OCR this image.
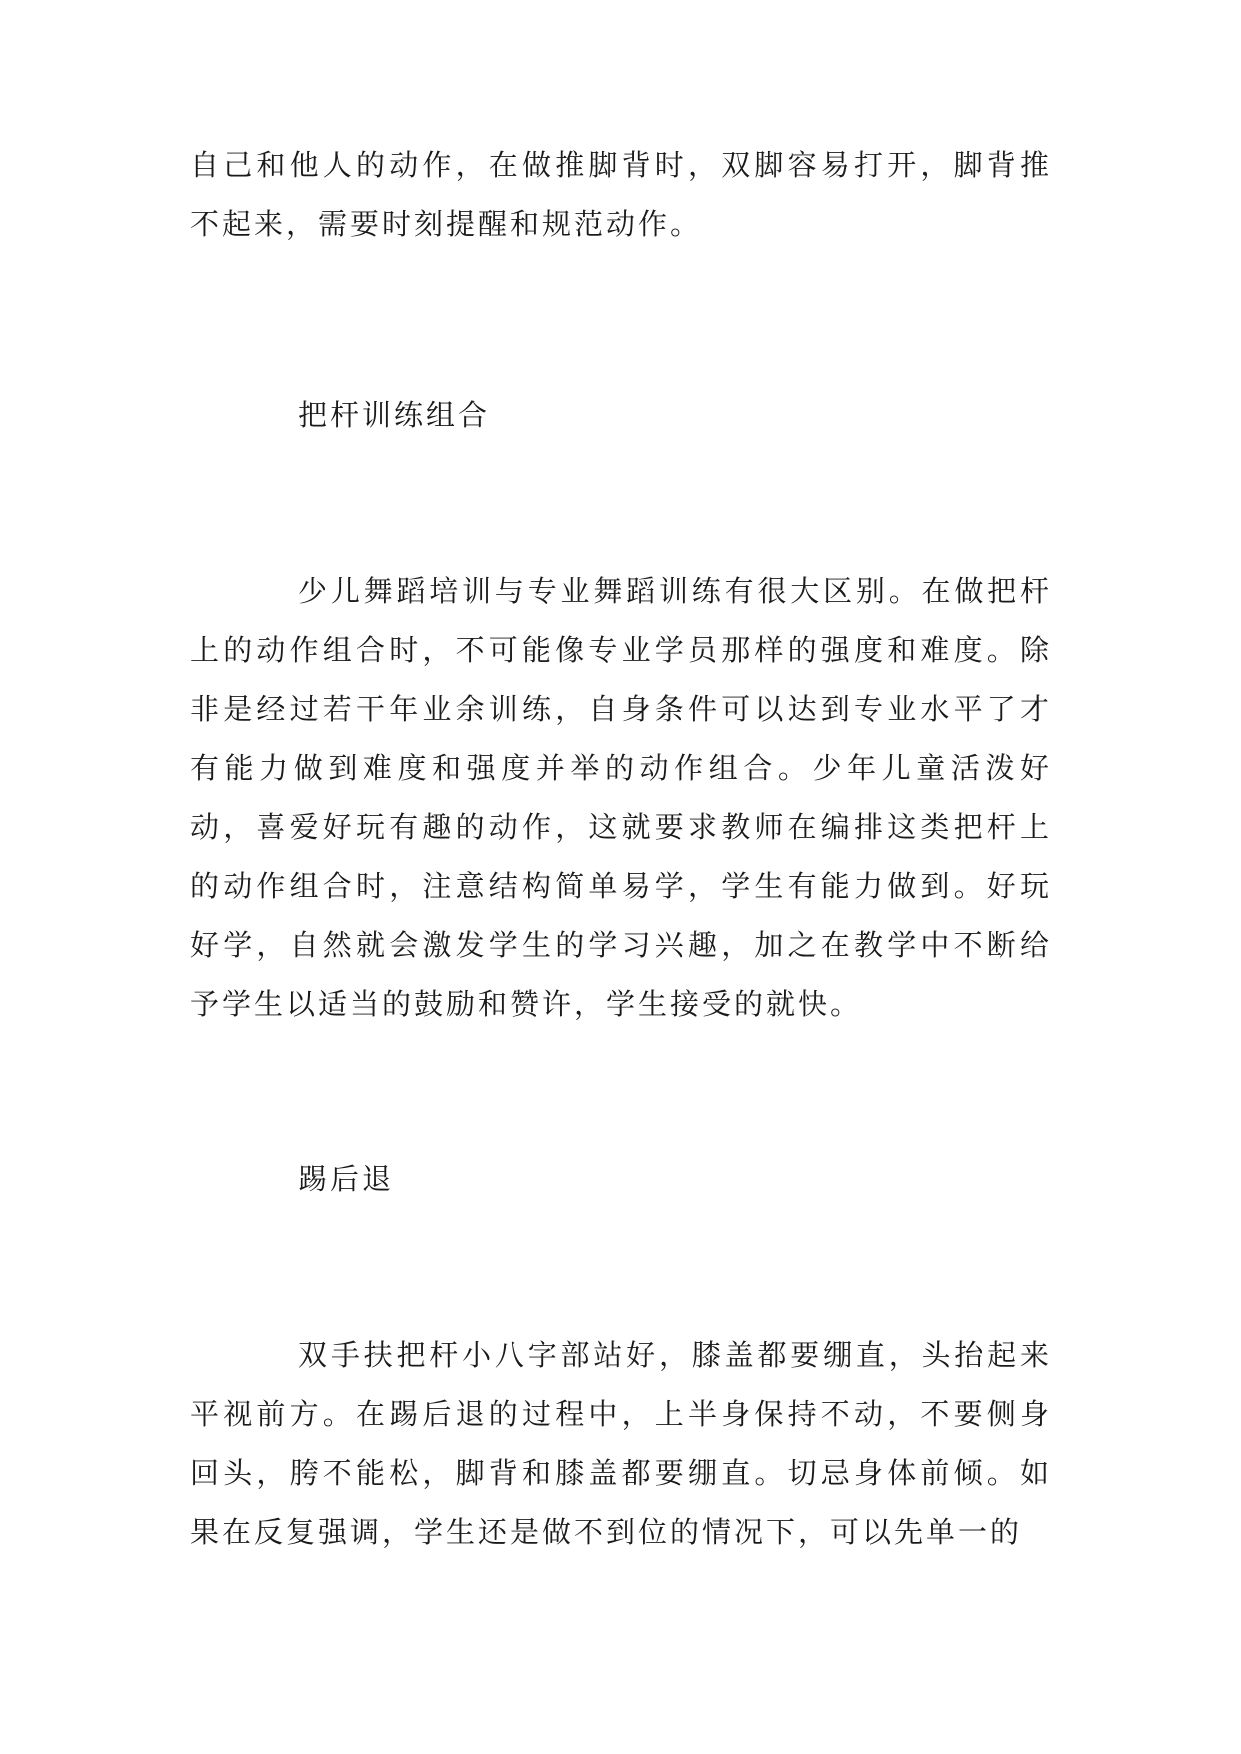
自己和他人的动作，在做推脚背时，双脚容易打开，脚背推不起来，需要时刻提醒和规范动作。

把杆训练组合

少儿舞蹈培训与专业舞蹈训练有很大区别。在做把杆上的动作组合时，不可能像专业学员那样的强度和难度。除非是经过若干年业余训练，自身条件可以达到专业水平了才有能力做到难度和强度并举的动作组合。少年儿童活泼好动，喜爱好玩有趣的动作，这就要求教师在编排这类把杆上的动作组合时，注意结构简单易学，学生有能力做到。好玩好学，自然就会激发学生的学习兴趣，加之在教学中不断给予学生以适当的鼓励和赞许，学生接受的就快。

踢后退

双手扶把杆小八字部站好，膝盖都要绷直，头抬起来平视前方。在踢后退的过程中，上半身保持不动，不要侧身回头，胯不能松，脚背和膝盖都要绷直。切忌身体前倾。如果在反复强调，学生还是做不到位的情况下，可以先单一的
